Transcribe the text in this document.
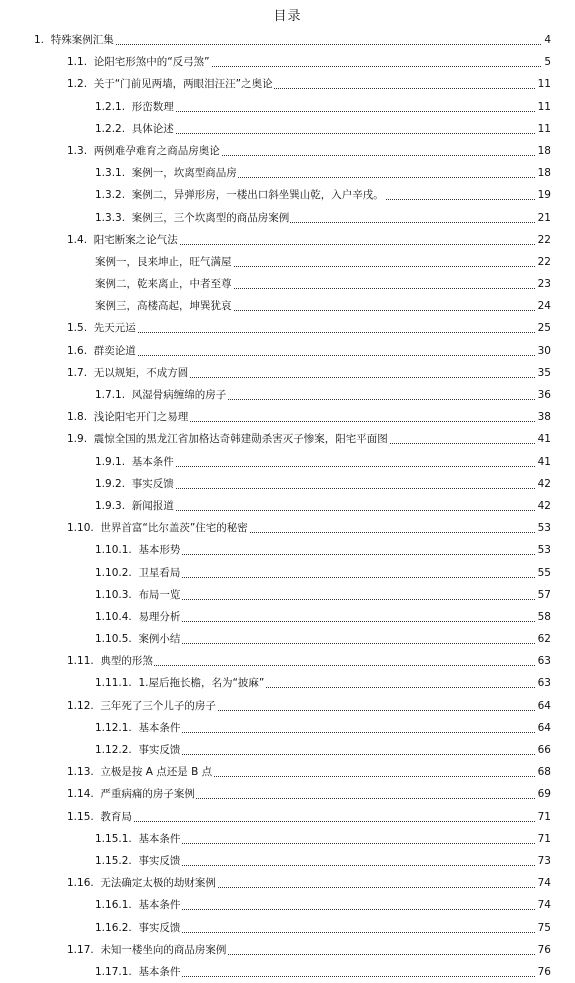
目录
1. 特殊案例汇集	4
1.1. 论阳宅形煞中的“反弓煞”	5
1.2. 关于“门前见两墙，两眼泪汪汪”之奥论	11
1.2.1. 形峦数理	11
1.2.2. 具体论述	11
1.3. 两例难孕难育之商品房奥论	18
1.3.1. 案例一，坎离型商品房	18
1.3.2. 案例二，异弹形房，一楼出口斜坐巽山乾，入户辛戌。	19
1.3.3. 案例三，三个坎离型的商品房案例	21
1.4. 阳宅断案之论气法	22
案例一，艮来坤止，旺气满屋	22
案例二，乾来离止，中者至尊	23
案例三，高楼高起，坤巽犹哀	24
1.5. 先天元运	25
1.6. 群奕论道	30
1.7. 无以规矩，不成方圆	35
1.7.1. 风湿骨病缠绵的房子	36
1.8. 浅论阳宅开门之易理	38
1.9. 震惊全国的黑龙江省加格达奇韩建勋杀害灭子惨案，阳宅平面图	41
1.9.1. 基本条件	41
1.9.2. 事实反馈	42
1.9.3. 新闻报道	42
1.10. 世界首富“比尔盖茨”住宅的秘密	53
1.10.1. 基本形势	53
1.10.2. 卫星看局	55
1.10.3. 布局一览	57
1.10.4. 易理分析	58
1.10.5. 案例小结	62
1.11. 典型的形煞	63
1.11.1. 1.屋后拖长檐，名为“披麻”	63
1.12. 三年死了三个儿子的房子	64
1.12.1. 基本条件	64
1.12.2. 事实反馈	66
1.13. 立极是按 A 点还是 B 点	68
1.14. 严重病痛的房子案例	69
1.15. 教育局	71
1.15.1. 基本条件	71
1.15.2. 事实反馈	73
1.16. 无法确定太极的劫财案例	74
1.16.1. 基本条件	74
1.16.2. 事实反馈	75
1.17. 未知一楼坐向的商品房案例	76
1.17.1. 基本条件	76
